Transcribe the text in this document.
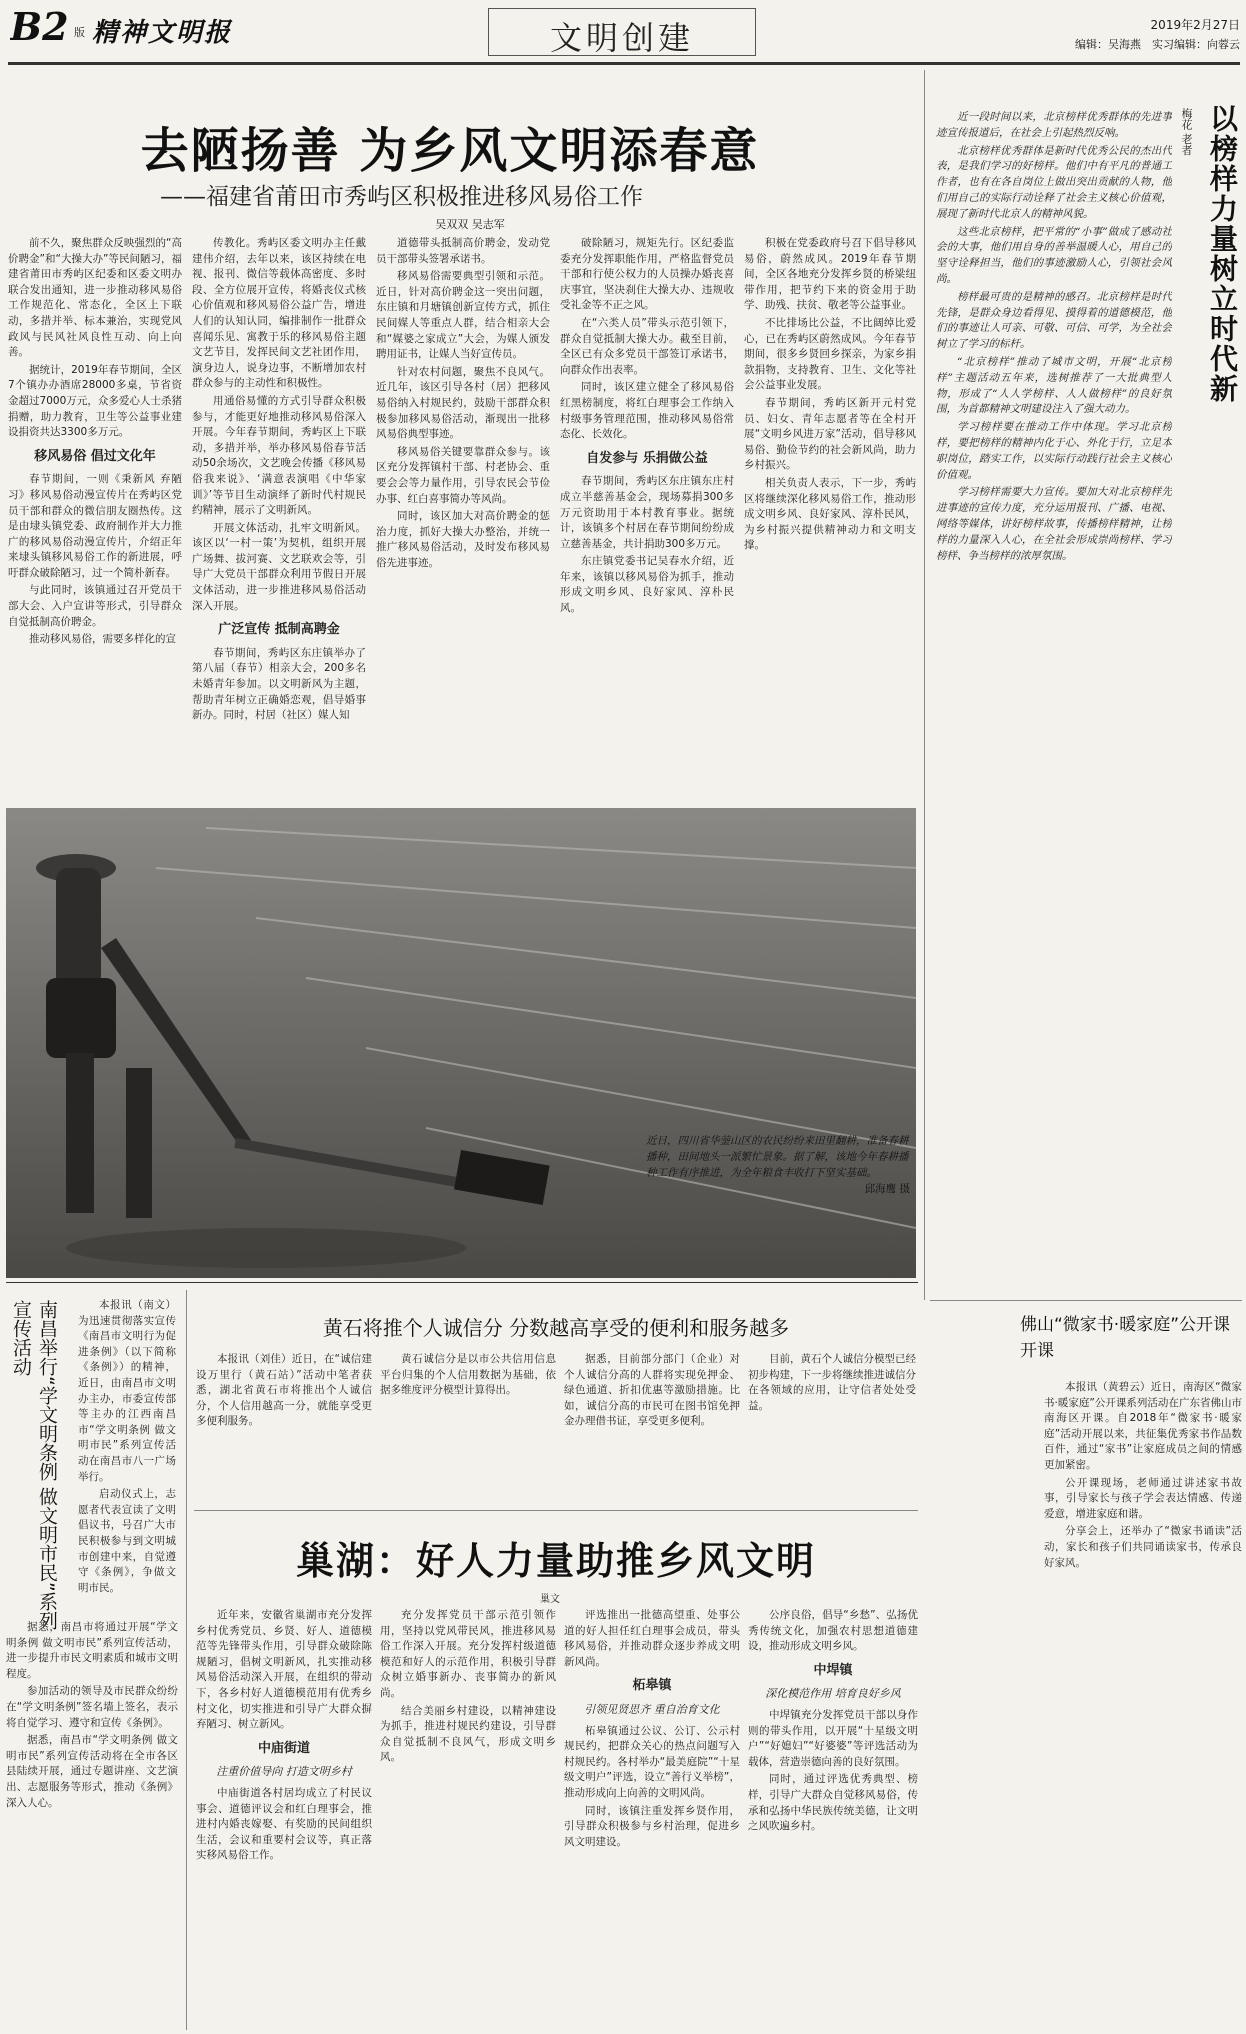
B2 版 精神文明报	文明创建	2019年2月27日
编辑：吴海燕　实习编辑：向蓉云
去陋扬善 为乡风文明添春意
——福建省莆田市秀屿区积极推进移风易俗工作
吴双双 吴志军

前不久，聚焦群众反映强烈的“高价聘金”和“大操大办”等民间陋习，福建省莆田市秀屿区纪委和区委文明办联合发出通知，进一步推动移风易俗工作规范化、常态化，全区上下联动，多措并举、标本兼治，实现党风政风与民风社风良性互动、向上向善。

据统计，2019年春节期间，全区7个镇办办酒席28000多桌，节省资金超过7000万元，众多爱心人士杀猪捐赠，助力教育，卫生等公益事业建设捐资共达3300多万元。

移风易俗 倡过文化年

春节期间，一则《秉新风 弃陋习》移风易俗动漫宣传片在秀屿区党员干部和群众的微信朋友圈热传。这是由埭头镇党委、政府制作并大力推广的移风易俗动漫宣传片，介绍正年来埭头镇移风易俗工作的新进展，呼吁群众破除陋习，过一个简朴新春。

与此同时，该镇通过召开党员干部大会、入户宣讲等形式，引导群众自觉抵制高价聘金。

推动移风易俗，需要多样化的宣

传教化。秀屿区委文明办主任戴建伟介绍，去年以来，该区持续在电视、报刊、微信等载体高密度、多时段、全方位展开宣传，将婚丧仪式核心价值观和移风易俗公益广告，增进人们的认知认同，编排制作一批群众喜闻乐见、寓教于乐的移风易俗主题文艺节目，发挥民间文艺社团作用，演身边人，说身边事，不断增加农村群众参与的主动性和积极性。

用通俗易懂的方式引导群众积极参与，才能更好地推动移风易俗深入开展。今年春节期间，秀屿区上下联动，多措并举，举办移风易俗春节活动50余场次，文艺晚会传播《移风易俗我来说》、‘满意表演唱《中华家训》’等节目生动演绎了新时代村规民约精神，展示了文明新风。

开展文体活动，扎牢文明新风。该区以‘一村一策’为契机，组织开展广场舞、拔河赛、文艺联欢会等，引导广大党员干部群众利用节假日开展文体活动，进一步推进移风易俗活动深入开展。

广泛宣传 抵制高聘金

春节期间，秀屿区东庄镇举办了第八届（春节）相亲大会，200多名未婚青年参加。以文明新风为主题，帮助青年树立正确婚恋观，倡导婚事新办。同时，村居（社区）媒人知

道德带头抵制高价聘金，发动党员干部带头签署承诺书。

移风易俗需要典型引领和示范。近日，针对高价聘金这一突出问题，东庄镇和月塘镇创新宣传方式，抓住民间媒人等重点人群，结合相亲大会和“媒婆之家成立”大会，为媒人颁发聘用证书，让媒人当好宣传员。

针对农村问题，聚焦不良风气。近几年，该区引导各村（居）把移风易俗纳入村规民约，鼓励干部群众积极参加移风易俗活动，渐现出一批移风易俗典型事迹。

移风易俗关键要靠群众参与。该区充分发挥镇村干部、村老协会、重要会会等力量作用，引导农民会节俭办事、红白喜事简办等风尚。

同时，该区加大对高价聘金的惩治力度，抓好大操大办整治，并统一推广移风易俗活动，及时发布移风易俗先进事迹。

破除陋习，规矩先行。区纪委监委充分发挥职能作用，严格监督党员干部和行使公权力的人员操办婚丧喜庆事宜，坚决刹住大操大办、违规收受礼金等不正之风。

在“六类人员”带头示范引领下，群众自觉抵制大操大办。截至目前，全区已有众多党员干部签订承诺书，向群众作出表率。

同时，该区建立健全了移风易俗红黑榜制度，将红白理事会工作纳入村级事务管理范围，推动移风易俗常态化、长效化。

自发参与 乐捐做公益

春节期间，秀屿区东庄镇东庄村成立半慈善基金会，现场募捐300多万元资助用于本村教育事业。据统计，该镇多个村居在春节期间纷纷成立慈善基金，共计捐助300多万元。

东庄镇党委书记吴春水介绍，近年来，该镇以移风易俗为抓手，推动形成文明乡风、良好家风、淳朴民风。

积极在党委政府号召下倡导移风易俗，蔚然成风。2019年春节期间，全区各地充分发挥乡贤的桥梁纽带作用，把节约下来的资金用于助学、助残、扶贫、敬老等公益事业。

不比排场比公益，不比阔绰比爱心，已在秀屿区蔚然成风。今年春节期间，很多乡贤回乡探亲，为家乡捐款捐物，支持教育、卫生、文化等社会公益事业发展。

春节期间，秀屿区新开元村党员、妇女、青年志愿者等在全村开展“文明乡风进万家”活动，倡导移风易俗、勤俭节约的社会新风尚，助力乡村振兴。

相关负责人表示，下一步，秀屿区将继续深化移风易俗工作，推动形成文明乡风、良好家风、淳朴民风，为乡村振兴提供精神动力和文明支撑。

以榜样力量树立时代新
梅花 老者

近一段时间以来，北京榜样优秀群体的先进事迹宣传报道后，在社会上引起热烈反响。

北京榜样优秀群体是新时代优秀公民的杰出代表，是我们学习的好榜样。他们中有平凡的普通工作者，也有在各自岗位上做出突出贡献的人物，他们用自己的实际行动诠释了社会主义核心价值观，展现了新时代北京人的精神风貌。

这些北京榜样，把平常的“小事”做成了感动社会的大事，他们用自身的善举温暖人心，用自己的坚守诠释担当，他们的事迹激励人心，引领社会风尚。

榜样最可贵的是精神的感召。北京榜样是时代先锋，是群众身边看得见、摸得着的道德模范，他们的事迹让人可亲、可敬、可信、可学，为全社会树立了学习的标杆。

“北京榜样”推动了城市文明，开展“北京榜样”主题活动五年来，选树推荐了一大批典型人物，形成了“人人学榜样、人人做榜样”的良好氛围，为首都精神文明建设注入了强大动力。

学习榜样要在推动工作中体现。学习北京榜样，要把榜样的精神内化于心、外化于行，立足本职岗位，踏实工作，以实际行动践行社会主义核心价值观。

学习榜样需要大力宣传。要加大对北京榜样先进事迹的宣传力度，充分运用报刊、广播、电视、网络等媒体，讲好榜样故事，传播榜样精神，让榜样的力量深入人心，在全社会形成崇尚榜样、学习榜样、争当榜样的浓厚氛围。

佛山“微家书·暖家庭”公开课开课

本报讯（黄碧云）近日，南海区“微家书·暖家庭”公开课系列活动在广东省佛山市南海区开课。自2018年“微家书·暖家庭”活动开展以来，共征集优秀家书作品数百件，通过“家书”让家庭成员之间的情感更加紧密。

公开课现场，老师通过讲述家书故事，引导家长与孩子学会表达情感、传递爱意，增进家庭和谐。

分享会上，还举办了“微家书诵读”活动，家长和孩子们共同诵读家书，传承良好家风。

近日，四川省华蓥山区的农民纷纷来田里翻耕，准备春耕播种，田间地头一派繁忙景象。据了解，该地今年春耕播种工作有序推进，为全年粮食丰收打下坚实基础。
邱海鹰 摄
南昌举行“学文明条例 做文明市民”系列宣传活动	本报讯（南文）为迅速贯彻落实宣传《南昌市文明行为促进条例》（以下简称《条例》）的精神，近日，由南昌市文明办主办，市委宣传部等主办的江西南昌市“学文明条例 做文明市民”系列宣传活动在南昌市八一广场举行。

启动仪式上，志愿者代表宣读了文明倡议书，号召广大市民积极参与到文明城市创建中来，自觉遵守《条例》，争做文明市民。

据悉，南昌市将通过开展“学文明条例 做文明市民”系列宣传活动，进一步提升市民文明素质和城市文明程度。

参加活动的领导及市民群众纷纷在“学文明条例”签名墙上签名，表示将自觉学习、遵守和宣传《条例》。

据悉，南昌市“学文明条例 做文明市民”系列宣传活动将在全市各区县陆续开展，通过专题讲座、文艺演出、志愿服务等形式，推动《条例》深入人心。

黄石将推个人诚信分 分数越高享受的便利和服务越多

本报讯（刘佳）近日，在“诚信建设万里行（黄石站）”活动中笔者获悉，湖北省黄石市将推出个人诚信分，个人信用越高一分，就能享受更多便利服务。

黄石诚信分是以市公共信用信息平台归集的个人信用数据为基础，依据多维度评分模型计算得出。

据悉，目前部分部门（企业）对个人诚信分高的人群将实现免押金、绿色通道、折扣优惠等激励措施。比如，诚信分高的市民可在图书馆免押金办理借书证，享受更多便利。

目前，黄石个人诚信分模型已经初步构建，下一步将继续推进诚信分在各领域的应用，让守信者处处受益。

巢湖：好人力量助推乡风文明
巢文

近年来，安徽省巢湖市充分发挥乡村优秀党员、乡贤、好人、道德模范等先锋带头作用，引导群众破除陈规陋习，倡树文明新风，扎实推动移风易俗活动深入开展，在组织的带动下，各乡村好人道德模范用有优秀乡村文化，切实推进和引导广大群众摒弃陋习、树立新风。

中庙街道
注重价值导向 打造文明乡村

中庙街道各村居均成立了村民议事会、道德评议会和红白理事会，推进村内婚丧嫁娶、有奖励的民间组织生活，会议和重要村会议等，真正落实移风易俗工作。

充分发挥党员干部示范引领作用，坚持以党风带民风，推进移风易俗工作深入开展。充分发挥村级道德模范和好人的示范作用，积极引导群众树立婚事新办、丧事简办的新风尚。

结合美丽乡村建设，以精神建设为抓手，推进村规民约建设，引导群众自觉抵制不良风气，形成文明乡风。

评选推出一批德高望重、处事公道的好人担任红白理事会成员，带头移风易俗，并推动群众逐步养成文明新风尚。

柘皋镇
引领见贤思齐 重自治育文化

柘皋镇通过公议、公订、公示村规民约，把群众关心的热点问题写入村规民约。各村举办“最美庭院”“十星级文明户”评选，设立“善行义举榜”，推动形成向上向善的文明风尚。

同时，该镇注重发挥乡贤作用，引导群众积极参与乡村治理，促进乡风文明建设。

公序良俗，倡导“乡愁”、弘扬优秀传统文化，加强农村思想道德建设，推动形成文明乡风。

中垾镇
深化模范作用 培育良好乡风

中垾镇充分发挥党员干部以身作则的带头作用，以开展“十星级文明户”“好媳妇”“好婆婆”等评选活动为载体，营造崇德向善的良好氛围。

同时，通过评选优秀典型、榜样，引导广大群众自觉移风易俗，传承和弘扬中华民族传统美德，让文明之风吹遍乡村。
